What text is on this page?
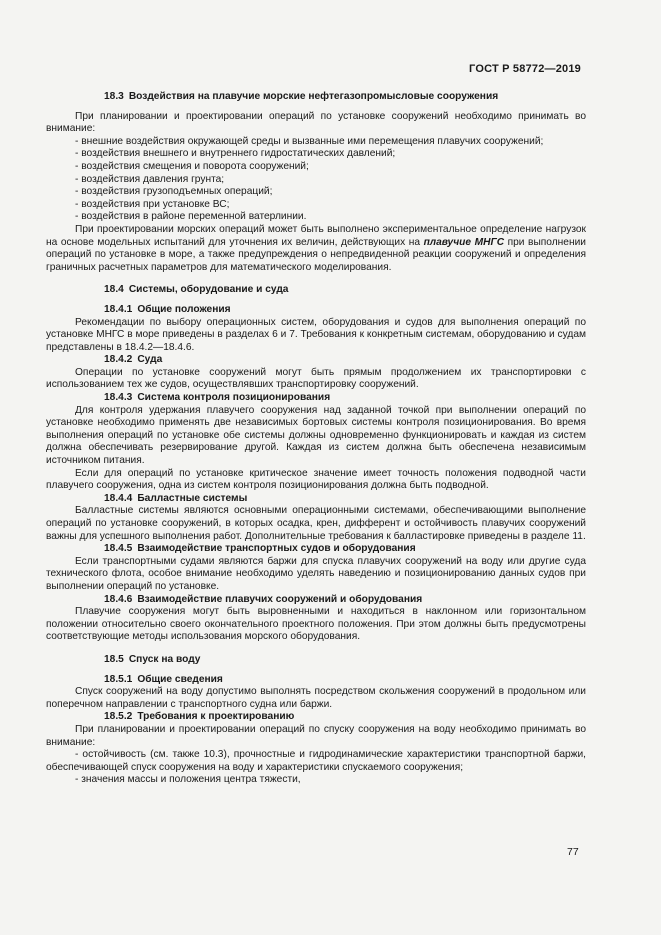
ГОСТ Р 58772—2019

18.3 Воздействия на плавучие морские нефтегазопромысловые сооружения

При планировании и проектировании операций по установке сооружений необходимо принимать во внимание:

- внешние воздействия окружающей среды и вызванные ими перемещения плавучих сооружений;

- воздействия внешнего и внутреннего гидростатических давлений;

- воздействия смещения и поворота сооружений;

- воздействия давления грунта;

- воздействия грузоподъемных операций;

- воздействия при установке ВС;

- воздействия в районе переменной ватерлинии.

При проектировании морских операций может быть выполнено экспериментальное определение нагрузок на основе модельных испытаний для уточнения их величин, действующих на плавучие МНГС при выполнении операций по установке в море, а также предупреждения о непредвиденной реакции сооружений и определения граничных расчетных параметров для математического моделирования.

18.4 Системы, оборудование и суда

18.4.1 Общие положения

Рекомендации по выбору операционных систем, оборудования и судов для выполнения операций по установке МНГС в море приведены в разделах 6 и 7. Требования к конкретным системам, оборудованию и судам представлены в 18.4.2—18.4.6.

18.4.2 Суда

Операции по установке сооружений могут быть прямым продолжением их транспортировки с использованием тех же судов, осуществлявших транспортировку сооружений.

18.4.3 Система контроля позиционирования

Для контроля удержания плавучего сооружения над заданной точкой при выполнении операций по установке необходимо применять две независимых бортовых системы контроля позиционирования. Во время выполнения операций по установке обе системы должны одновременно функционировать и каждая из систем должна обеспечивать резервирование другой. Каждая из систем должна быть обеспечена независимым источником питания.

Если для операций по установке критическое значение имеет точность положения подводной части плавучего сооружения, одна из систем контроля позиционирования должна быть подводной.

18.4.4 Балластные системы

Балластные системы являются основными операционными системами, обеспечивающими выполнение операций по установке сооружений, в которых осадка, крен, дифферент и остойчивость плавучих сооружений важны для успешного выполнения работ. Дополнительные требования к балластировке приведены в разделе 11.

18.4.5 Взаимодействие транспортных судов и оборудования

Если транспортными судами являются баржи для спуска плавучих сооружений на воду или другие суда технического флота, особое внимание необходимо уделять наведению и позиционированию данных судов при выполнении операций по установке.

18.4.6 Взаимодействие плавучих сооружений и оборудования

Плавучие сооружения могут быть выровненными и находиться в наклонном или горизонтальном положении относительно своего окончательного проектного положения. При этом должны быть предусмотрены соответствующие методы использования морского оборудования.

18.5 Спуск на воду

18.5.1 Общие сведения

Спуск сооружений на воду допустимо выполнять посредством скольжения сооружений в продольном или поперечном направлении с транспортного судна или баржи.

18.5.2 Требования к проектированию

При планировании и проектировании операций по спуску сооружения на воду необходимо принимать во внимание:

- остойчивость (см. также 10.3), прочностные и гидродинамические характеристики транспортной баржи, обеспечивающей спуск сооружения на воду и характеристики спускаемого сооружения;

- значения массы и положения центра тяжести,

77
